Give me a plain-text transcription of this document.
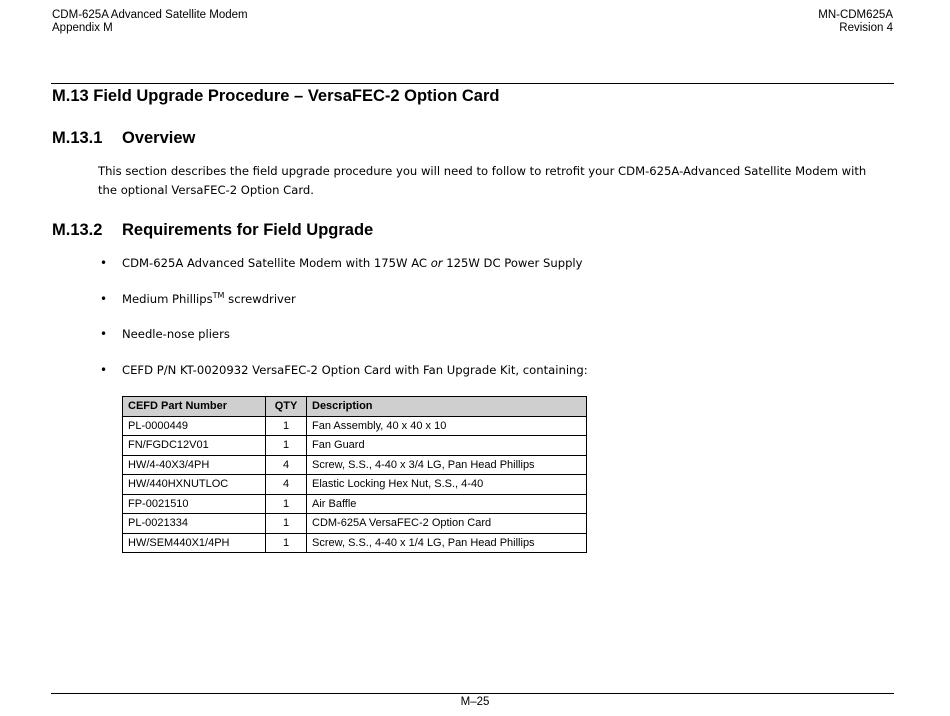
CDM-625A Advanced Satellite Modem
Appendix M
MN-CDM625A
Revision 4
M.13 Field Upgrade Procedure – VersaFEC-2 Option Card
M.13.1 Overview
This section describes the field upgrade procedure you will need to follow to retrofit your CDM-625A-Advanced Satellite Modem with the optional VersaFEC-2 Option Card.
M.13.2 Requirements for Field Upgrade
• CDM-625A Advanced Satellite Modem with 175W AC or 125W DC Power Supply
• Medium Phillips™ screwdriver
• Needle-nose pliers
• CEFD P/N KT-0020932 VersaFEC-2 Option Card with Fan Upgrade Kit, containing:
CEFD Part Number	QTY	Description
PL-0000449	1	Fan Assembly, 40 x 40 x 10
FN/FGDC12V01	1	Fan Guard
HW/4-40X3/4PH	4	Screw, S.S., 4-40 x 3/4 LG, Pan Head Phillips
HW/440HXNUTLOC	4	Elastic Locking Hex Nut, S.S., 4-40
FP-0021510	1	Air Baffle
PL-0021334	1	CDM-625A VersaFEC-2 Option Card
HW/SEM440X1/4PH	1	Screw, S.S., 4-40 x 1/4 LG, Pan Head Phillips
M–25
